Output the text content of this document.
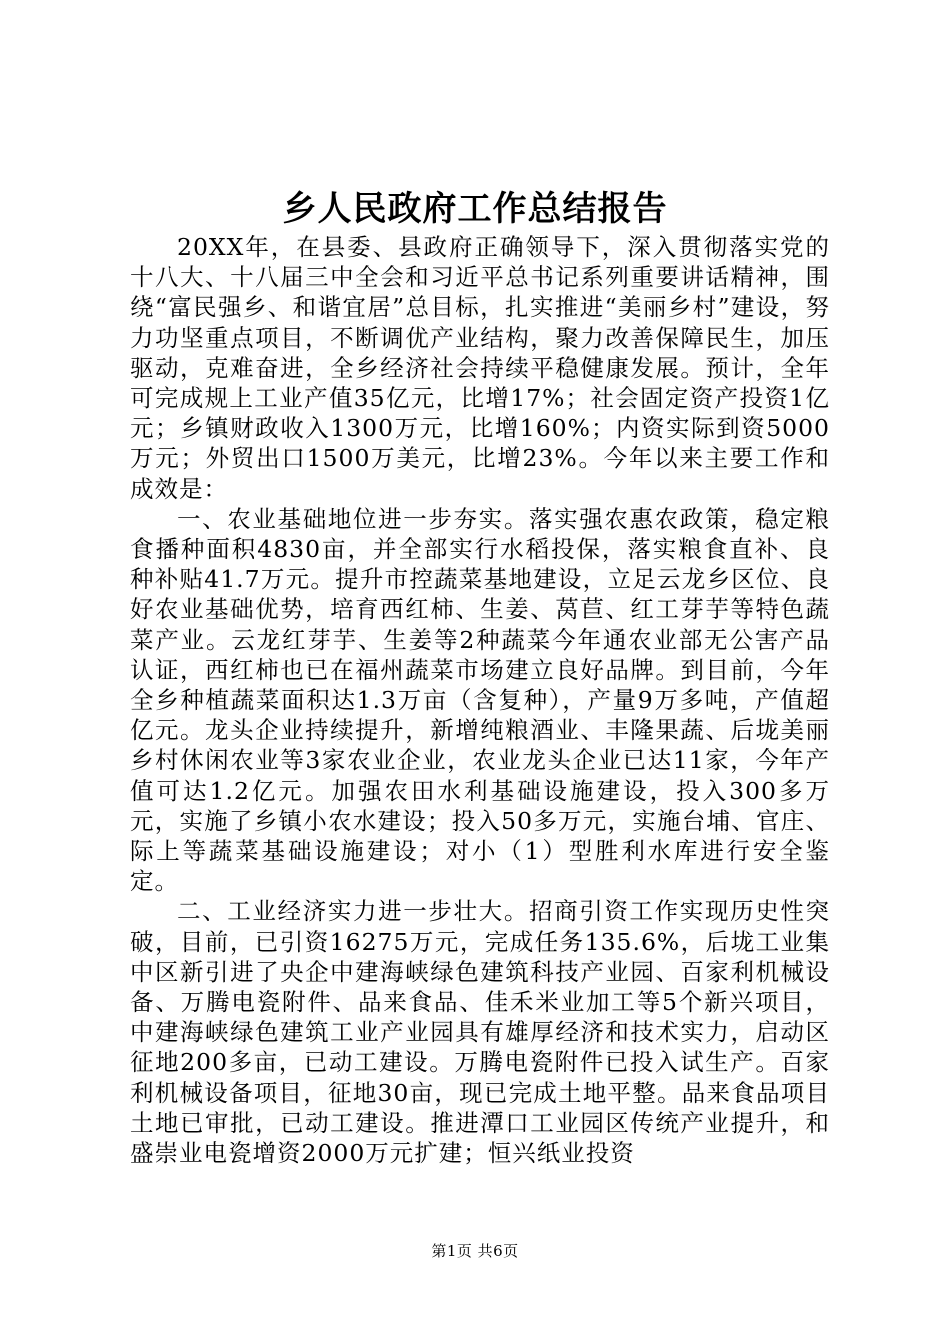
乡人民政府工作总结报告

20XX年，在县委、县政府正确领导下，深入贯彻落实党的十八大、十八届三中全会和习近平总书记系列重要讲话精神，围绕“富民强乡、和谐宜居”总目标，扎实推进“美丽乡村”建设，努力功坚重点项目，不断调优产业结构，聚力改善保障民生，加压驱动，克难奋进，全乡经济社会持续平稳健康发展。预计，全年可完成规上工业产值35亿元，比增17%；社会固定资产投资1亿元；乡镇财政收入1300万元，比增160%；内资实际到资5000万元；外贸出口1500万美元，比增23%。今年以来主要工作和成效是：

一、农业基础地位进一步夯实。落实强农惠农政策，稳定粮食播种面积4830亩，并全部实行水稻投保，落实粮食直补、良种补贴41.7万元。提升市控蔬菜基地建设，立足云龙乡区位、良好农业基础优势，培育西红柿、生姜、莴苣、红工芽芋等特色蔬菜产业。云龙红芽芋、生姜等2种蔬菜今年通农业部无公害产品认证，西红柿也已在福州蔬菜市场建立良好品牌。到目前，今年全乡种植蔬菜面积达1.3万亩（含复种），产量9万多吨，产值超亿元。龙头企业持续提升，新增纯粮酒业、丰隆果蔬、后垅美丽乡村休闲农业等3家农业企业，农业龙头企业已达11家，今年产值可达1.2亿元。加强农田水利基础设施建设，投入300多万元，实施了乡镇小农水建设；投入50多万元，实施台埔、官庄、际上等蔬菜基础设施建设；对小（1）型胜利水库进行安全鉴定。

二、工业经济实力进一步壮大。招商引资工作实现历史性突破，目前，已引资16275万元，完成任务135.6%，后垅工业集中区新引进了央企中建海峡绿色建筑科技产业园、百家利机械设备、万腾电瓷附件、品来食品、佳禾米业加工等5个新兴项目，中建海峡绿色建筑工业产业园具有雄厚经济和技术实力，启动区征地200多亩，已动工建设。万腾电瓷附件已投入试生产。百家利机械设备项目，征地30亩，现已完成土地平整。品来食品项目土地已审批，已动工建设。推进潭口工业园区传统产业提升，和盛崇业电瓷增资2000万元扩建；恒兴纸业投资

第1页 共6页
